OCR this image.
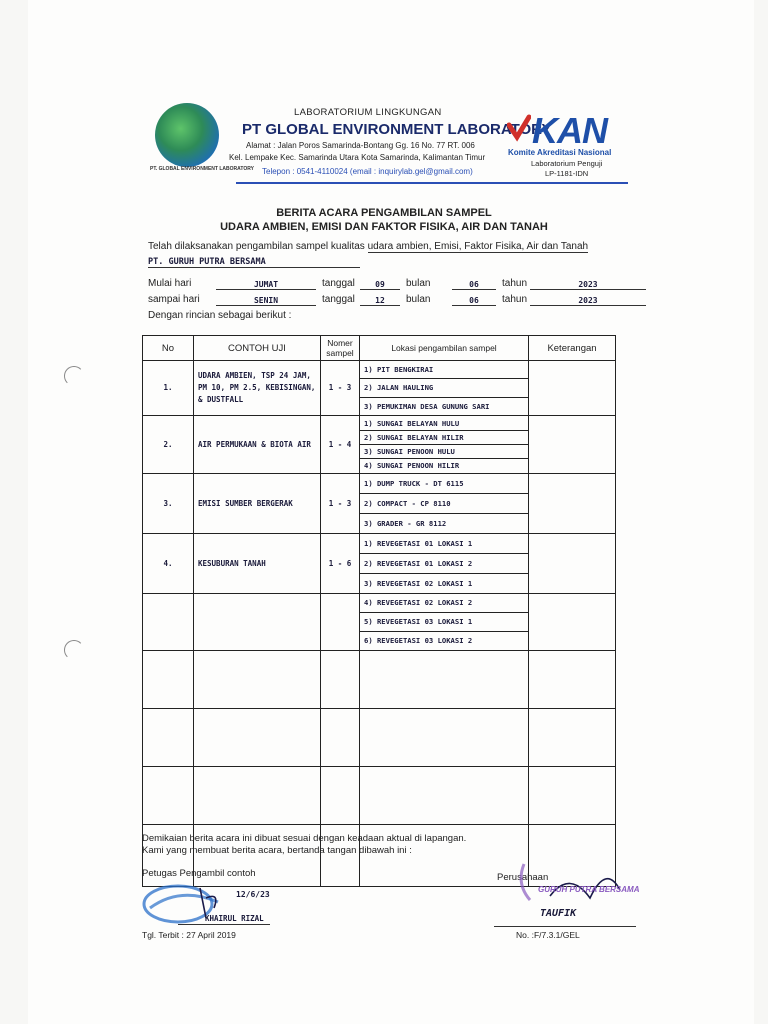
PT. GLOBAL ENVIRONMENT LABORATORY
LABORATORIUM LINGKUNGAN
PT GLOBAL ENVIRONMENT LABORATORY
Alamat : Jalan Poros Samarinda-Bontang Gg. 16 No. 77 RT. 006
Kel. Lempake Kec. Samarinda Utara Kota Samarinda, Kalimantan Timur
Telepon : 0541-4110024 (email : inquirylab.gel@gmail.com)
KAN
Komite Akreditasi Nasional
Laboratorium Penguji
LP-1181-IDN
BERITA ACARA PENGAMBILAN SAMPEL
UDARA AMBIEN, EMISI DAN FAKTOR FISIKA, AIR DAN TANAH
Telah dilaksanakan pengambilan sampel kualitas udara ambien, Emisi, Faktor Fisika, Air dan Tanah
PT. GURUH PUTRA BERSAMA
Mulai hari	JUMAT	tanggal	09	bulan	06	tahun	2023
sampai hari	SENIN	tanggal	12	bulan	06	tahun	2023
Dengan rincian sebagai berikut :
No	CONTOH UJI	Nomer sampel	Lokasi pengambilan sampel	Keterangan
1.	UDARA AMBIEN, TSP 24 JAM, PM 10, PM 2.5, KEBISINGAN, & DUSTFALL	1 - 3	1) PIT BENGKIRAI
2) JALAN HAULING
3) PEMUKIMAN DESA GUNUNG SARI	

2.	AIR PERMUKAAN & BIOTA AIR	1 - 4	1) SUNGAI BELAYAN HULU
2) SUNGAI BELAYAN HILIR
3) SUNGAI PENOON HULU
4) SUNGAI PENOON HILIR	

3.	EMISI SUMBER BERGERAK	1 - 3	1) DUMP TRUCK - DT 6115
2) COMPACT - CP 8110
3) GRADER - GR 8112	

4.	KESUBURAN TANAH	1 - 6	1) REVEGETASI 01 LOKASI 1
2) REVEGETASI 01 LOKASI 2
3) REVEGETASI 02 LOKASI 1	

			4) REVEGETASI 02 LOKASI 2
5) REVEGETASI 03 LOKASI 1
6) REVEGETASI 03 LOKASI 2	

Demikaian berita acara ini dibuat sesuai dengan keadaan aktual di lapangan.
Kami yang membuat berita acara, bertanda tangan dibawah ini :
Petugas Pengambil contoh
12/6/23
KHAIRUL RIZAL
Tgl. Terbit : 27 April 2019
Perusahaan
GURUH PUTRA BERSAMA
TAUFIK
No. :F/7.3.1/GEL
